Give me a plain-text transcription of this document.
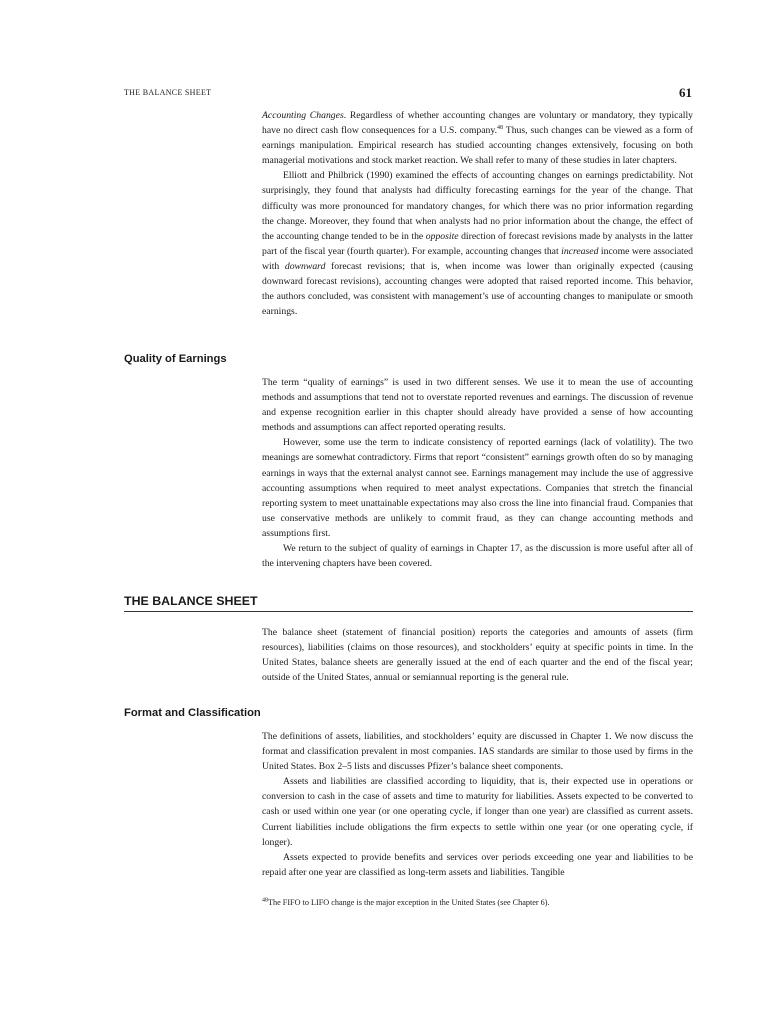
THE BALANCE SHEET	61

Accounting Changes. Regardless of whether accounting changes are voluntary or mandatory, they typically have no direct cash flow consequences for a U.S. company.$^{48}$ Thus, such changes can be viewed as a form of earnings manipulation. Empirical research has studied accounting changes extensively, focusing on both managerial motivations and stock market reaction. We shall refer to many of these studies in later chapters.

Elliott and Philbrick (1990) examined the effects of accounting changes on earnings predictability. Not surprisingly, they found that analysts had difficulty forecasting earnings for the year of the change. That difficulty was more pronounced for mandatory changes, for which there was no prior information regarding the change. Moreover, they found that when analysts had no prior information about the change, the effect of the accounting change tended to be in the opposite direction of forecast revisions made by analysts in the latter part of the fiscal year (fourth quarter). For example, accounting changes that increased income were associated with downward forecast revisions; that is, when income was lower than originally expected (causing downward forecast revisions), accounting changes were adopted that raised reported income. This behavior, the authors concluded, was consistent with management’s use of accounting changes to manipulate or smooth earnings.

Quality of Earnings

The term “quality of earnings” is used in two different senses. We use it to mean the use of accounting methods and assumptions that tend not to overstate reported revenues and earnings. The discussion of revenue and expense recognition earlier in this chapter should already have provided a sense of how accounting methods and assumptions can affect reported operating results.

However, some use the term to indicate consistency of reported earnings (lack of volatility). The two meanings are somewhat contradictory. Firms that report “consistent” earnings growth often do so by managing earnings in ways that the external analyst cannot see. Earnings management may include the use of aggressive accounting assumptions when required to meet analyst expectations. Companies that stretch the financial reporting system to meet unattainable expectations may also cross the line into financial fraud. Companies that use conservative methods are unlikely to commit fraud, as they can change accounting methods and assumptions first.

We return to the subject of quality of earnings in Chapter 17, as the discussion is more useful after all of the intervening chapters have been covered.

THE BALANCE SHEET

The balance sheet (statement of financial position) reports the categories and amounts of assets (firm resources), liabilities (claims on those resources), and stockholders’ equity at specific points in time. In the United States, balance sheets are generally issued at the end of each quarter and the end of the fiscal year; outside of the United States, annual or semiannual reporting is the general rule.

Format and Classification

The definitions of assets, liabilities, and stockholders’ equity are discussed in Chapter 1. We now discuss the format and classification prevalent in most companies. IAS standards are similar to those used by firms in the United States. Box 2–5 lists and discusses Pfizer’s balance sheet components.

Assets and liabilities are classified according to liquidity, that is, their expected use in operations or conversion to cash in the case of assets and time to maturity for liabilities. Assets expected to be converted to cash or used within one year (or one operating cycle, if longer than one year) are classified as current assets. Current liabilities include obligations the firm expects to settle within one year (or one operating cycle, if longer).

Assets expected to provide benefits and services over periods exceeding one year and liabilities to be repaid after one year are classified as long-term assets and liabilities. Tangible

$^{48}$The FIFO to LIFO change is the major exception in the United States (see Chapter 6).
